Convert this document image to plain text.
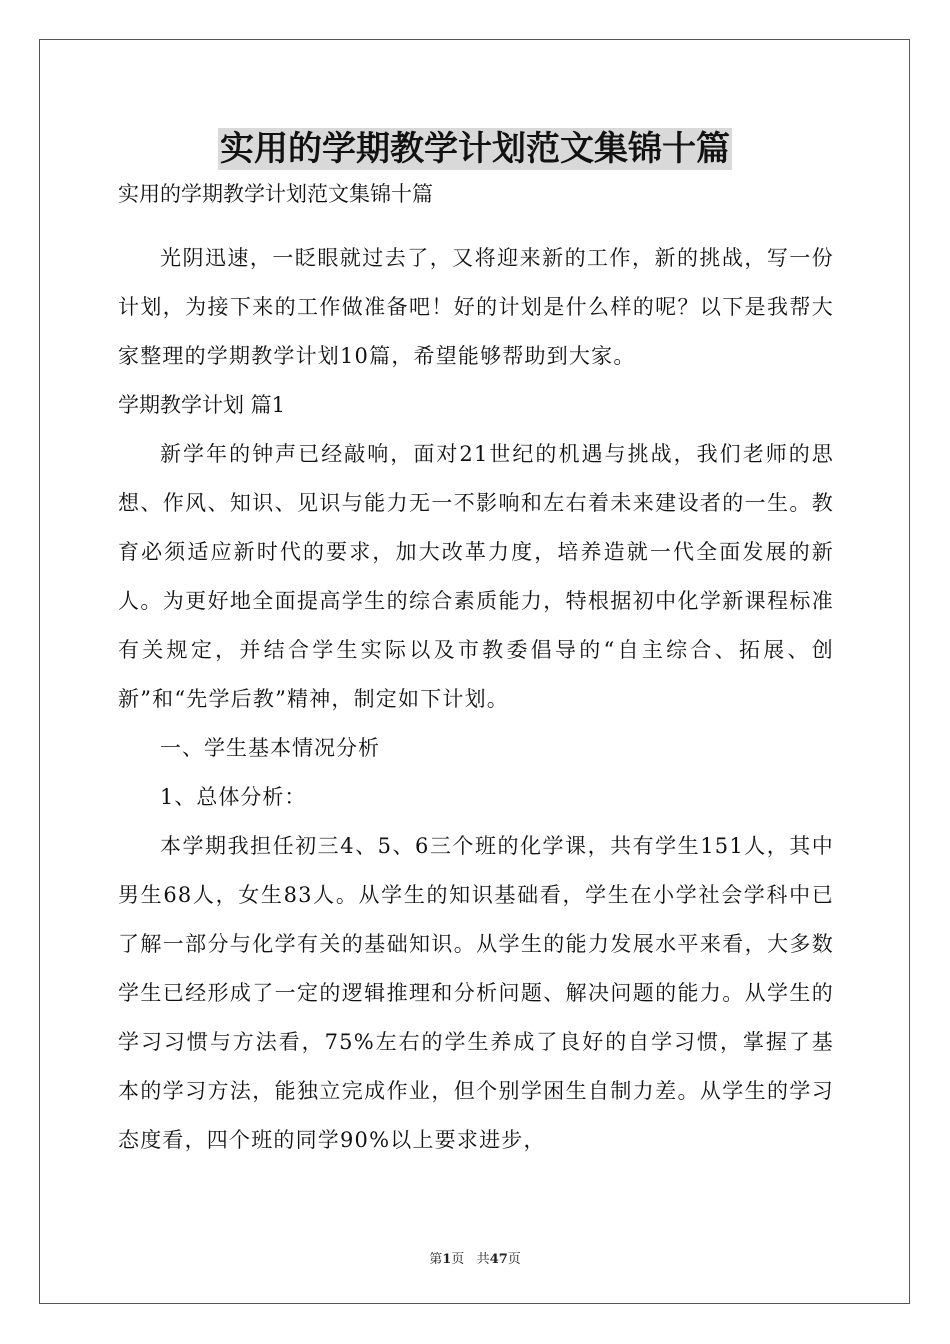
实用的学期教学计划范文集锦十篇
实用的学期教学计划范文集锦十篇

光阴迅速，一眨眼就过去了，又将迎来新的工作，新的挑战，写一份计划，为接下来的工作做准备吧！好的计划是什么样的呢？以下是我帮大家整理的学期教学计划10篇，希望能够帮助到大家。

学期教学计划 篇1

新学年的钟声已经敲响，面对21世纪的机遇与挑战，我们老师的思想、作风、知识、见识与能力无一不影响和左右着未来建设者的一生。教育必须适应新时代的要求，加大改革力度，培养造就一代全面发展的新人。为更好地全面提高学生的综合素质能力，特根据初中化学新课程标准有关规定，并结合学生实际以及市教委倡导的“自主综合、拓展、创新”和“先学后教”精神，制定如下计划。

一、学生基本情况分析
1、总体分析：

本学期我担任初三4、5、6三个班的化学课，共有学生151人，其中男生68人，女生83人。从学生的知识基础看，学生在小学社会学科中已了解一部分与化学有关的基础知识。从学生的能力发展水平来看，大多数学生已经形成了一定的逻辑推理和分析问题、解决问题的能力。从学生的学习习惯与方法看，75%左右的学生养成了良好的自学习惯，掌握了基本的学习方法，能独立完成作业，但个别学困生自制力差。从学生的学习态度看，四个班的同学90%以上要求进步，

第1页 共47页
